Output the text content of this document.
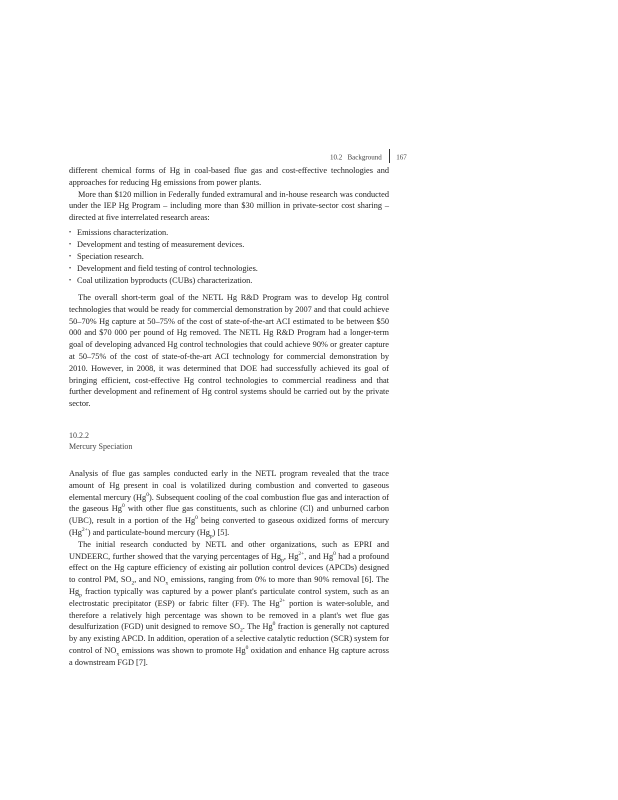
10.2 Background 167

different chemical forms of Hg in coal-based flue gas and cost-effective technologies and approaches for reducing Hg emissions from power plants.

More than $120 million in Federally funded extramural and in-house research was conducted under the IEP Hg Program – including more than $30 million in private-sector cost sharing – directed at five interrelated research areas:

• Emissions characterization.
• Development and testing of measurement devices.
• Speciation research.
• Development and field testing of control technologies.
• Coal utilization byproducts (CUBs) characterization.

The overall short-term goal of the NETL Hg R&D Program was to develop Hg control technologies that would be ready for commercial demonstration by 2007 and that could achieve 50–70% Hg capture at 50–75% of the cost of state-of-the-art ACI estimated to be between $50 000 and $70 000 per pound of Hg removed. The NETL Hg R&D Program had a longer-term goal of developing advanced Hg control technologies that could achieve 90% or greater capture at 50–75% of the cost of state-of-the-art ACI technology for commercial demonstration by 2010. However, in 2008, it was determined that DOE had successfully achieved its goal of bringing efficient, cost-effective Hg control technologies to commercial readiness and that further development and refinement of Hg control systems should be carried out by the private sector.

10.2.2
Mercury Speciation

Analysis of flue gas samples conducted early in the NETL program revealed that the trace amount of Hg present in coal is volatilized during combustion and converted to gaseous elemental mercury (Hg$^0$). Subsequent cooling of the coal combustion flue gas and interaction of the gaseous Hg$^0$ with other flue gas constituents, such as chlorine (Cl) and unburned carbon (UBC), result in a portion of the Hg$^0$ being converted to gaseous oxidized forms of mercury $(Hg^{2+})$ and particulate-bound mercury $(Hg_p)$ [5].

The initial research conducted by NETL and other organizations, such as EPRI and UNDEERC, further showed that the varying percentages of $Hg_p$, $Hg^{2+}$, and Hg$^0$ had a profound effect on the Hg capture efficiency of existing air pollution control devices (APCDs) designed to control PM, $SO_2$, and $NO_x$ emissions, ranging from 0% to more than 90% removal [6]. The $Hg_p$ fraction typically was captured by a power plant's particulate control system, such as an electrostatic precipitator (ESP) or fabric filter (FF). The $Hg^{2+}$ portion is water-soluble, and therefore a relatively high percentage was shown to be removed in a plant's wet flue gas desulfurization (FGD) unit designed to remove $SO_2$. The Hg$^0$ fraction is generally not captured by any existing APCD. In addition, operation of a selective catalytic reduction (SCR) system for control of $NO_x$ emissions was shown to promote Hg$^0$ oxidation and enhance Hg capture across a downstream FGD [7].
